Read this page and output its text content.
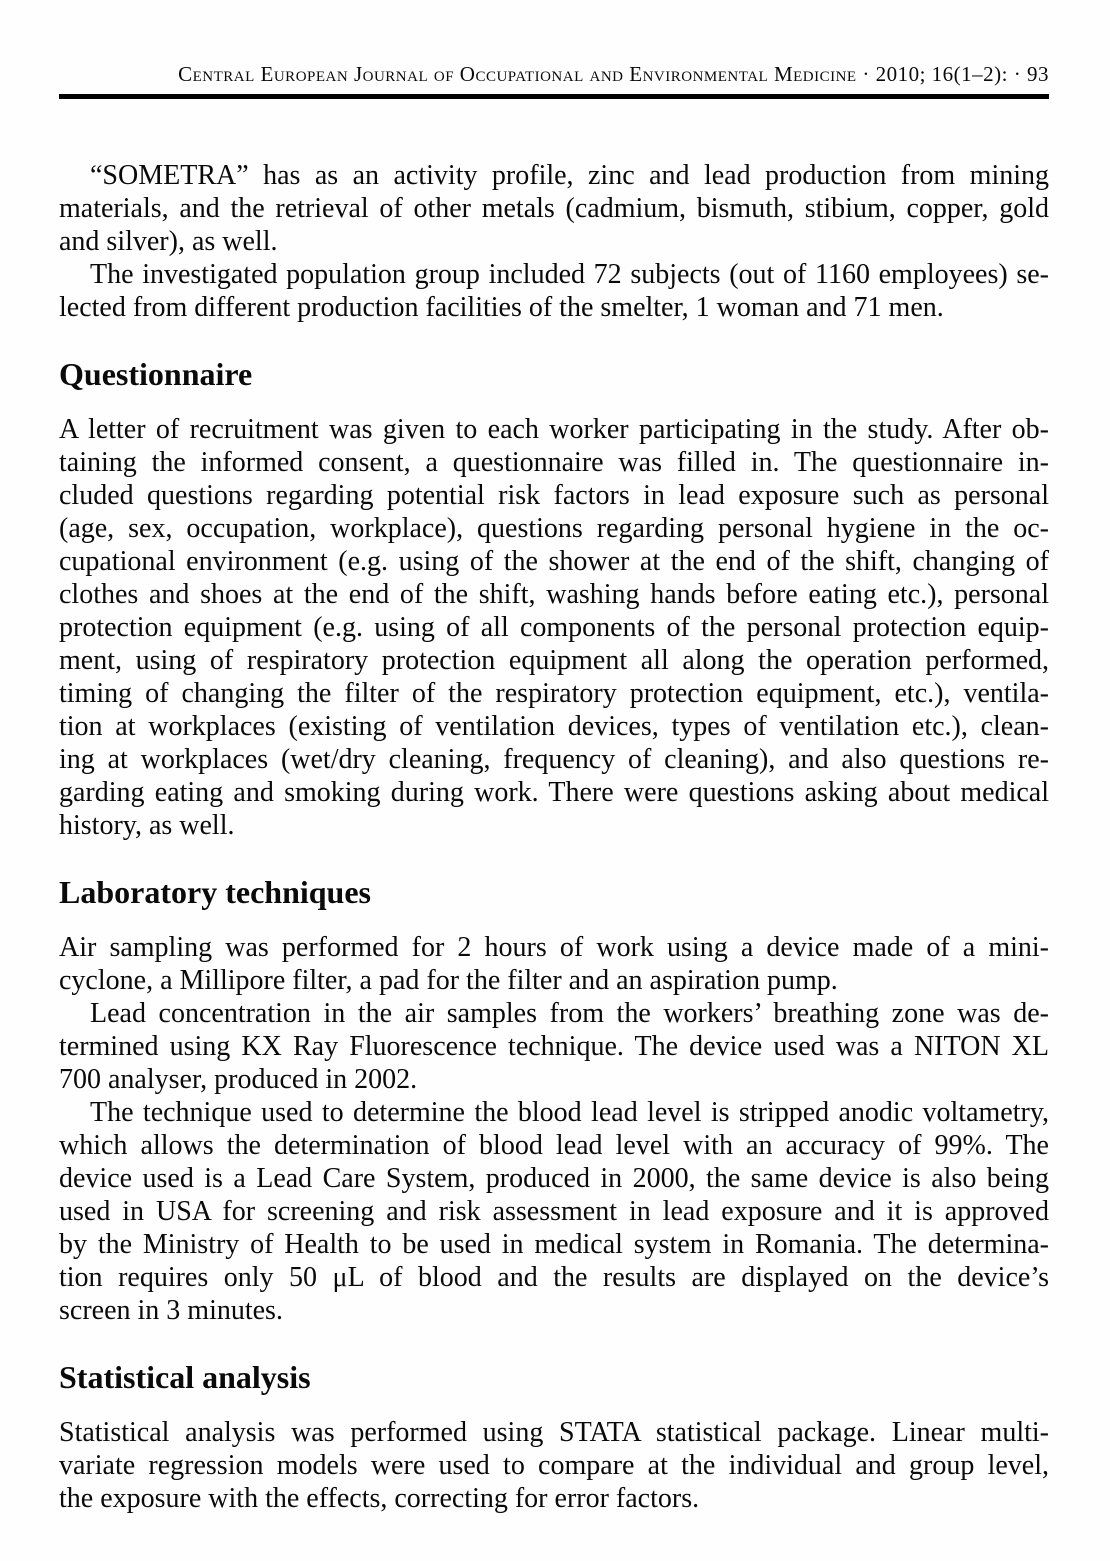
Central European Journal of Occupational and Environmental Medicine · 2010; 16(1–2): · 93
“SOMETRA” has as an activity profile, zinc and lead production from mining
materials, and the retrieval of other metals (cadmium, bismuth, stibium, copper, gold
and silver), as well.
The investigated population group included 72 subjects (out of 1160 employees) se-
lected from different production facilities of the smelter, 1 woman and 71 men.
Questionnaire
A letter of recruitment was given to each worker participating in the study. After ob-
taining the informed consent, a questionnaire was filled in. The questionnaire in-
cluded questions regarding potential risk factors in lead exposure such as personal
(age, sex, occupation, workplace), questions regarding personal hygiene in the oc-
cupational environment (e.g. using of the shower at the end of the shift, changing of
clothes and shoes at the end of the shift, washing hands before eating etc.), personal
protection equipment (e.g. using of all components of the personal protection equip-
ment, using of respiratory protection equipment all along the operation performed,
timing of changing the filter of the respiratory protection equipment, etc.), ventila-
tion at workplaces (existing of ventilation devices, types of ventilation etc.), clean-
ing at workplaces (wet/dry cleaning, frequency of cleaning), and also questions re-
garding eating and smoking during work. There were questions asking about medical
history, as well.
Laboratory techniques
Air sampling was performed for 2 hours of work using a device made of a mini-
cyclone, a Millipore filter, a pad for the filter and an aspiration pump.
Lead concentration in the air samples from the workers’ breathing zone was de-
termined using KX Ray Fluorescence technique. The device used was a NITON XL
700 analyser, produced in 2002.
The technique used to determine the blood lead level is stripped anodic voltametry,
which allows the determination of blood lead level with an accuracy of 99%. The
device used is a Lead Care System, produced in 2000, the same device is also being
used in USA for screening and risk assessment in lead exposure and it is approved
by the Ministry of Health to be used in medical system in Romania. The determina-
tion requires only 50 μL of blood and the results are displayed on the device’s
screen in 3 minutes.
Statistical analysis
Statistical analysis was performed using STATA statistical package. Linear multi-
variate regression models were used to compare at the individual and group level,
the exposure with the effects, correcting for error factors.
